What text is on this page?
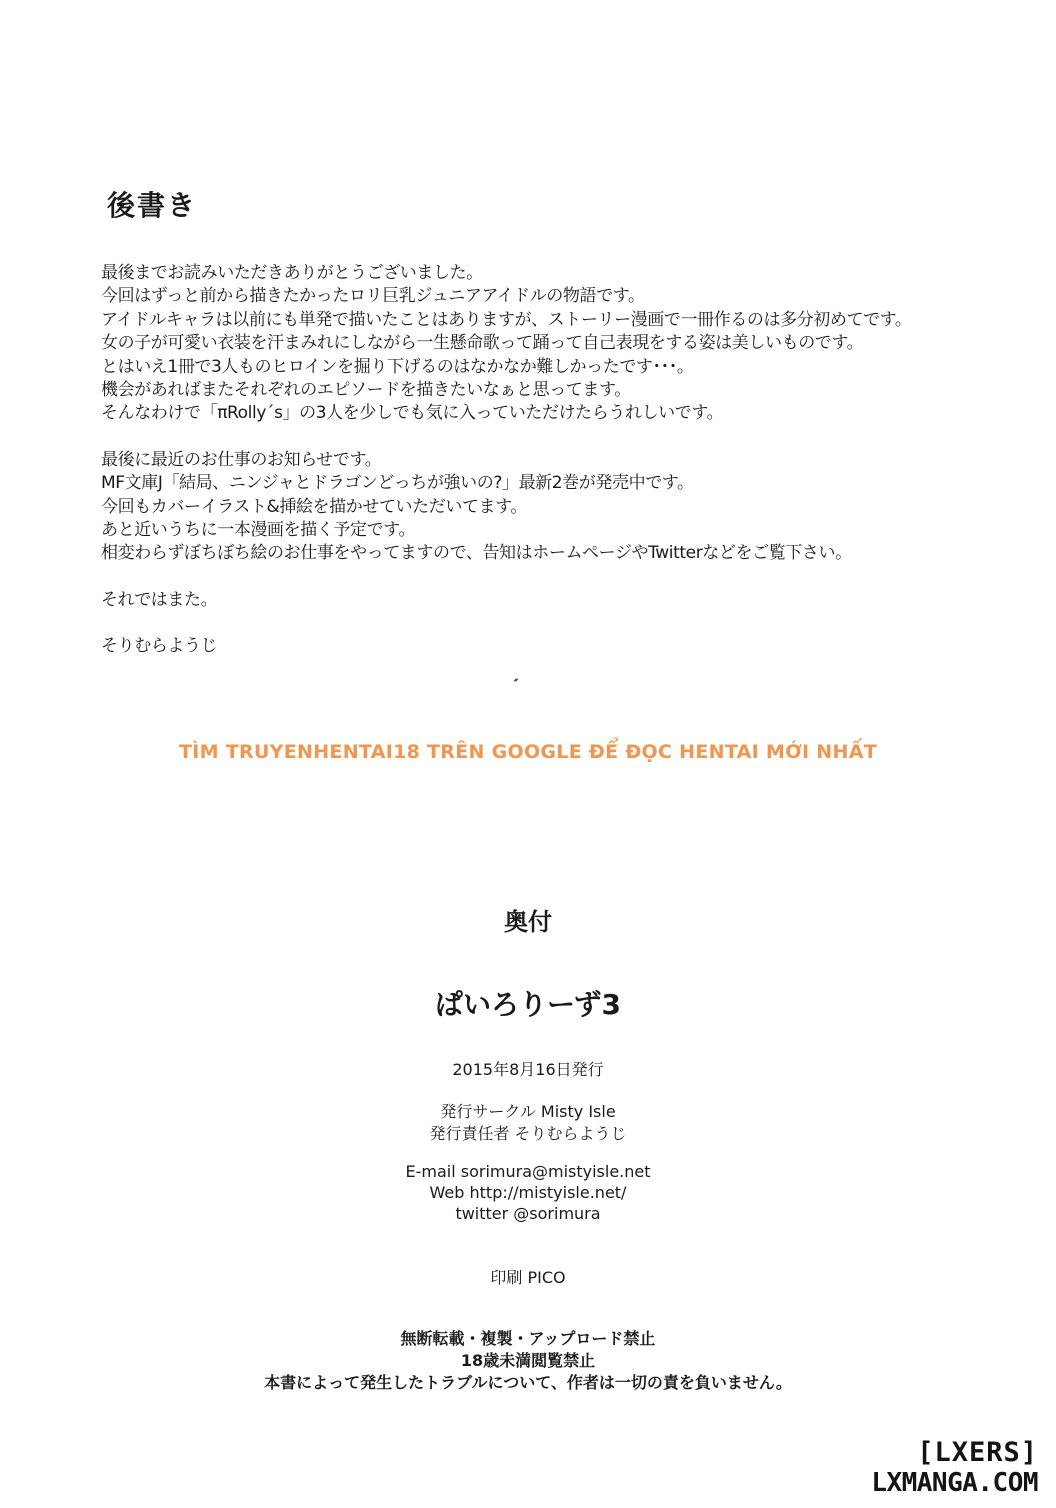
後書き
最後までお読みいただきありがとうございました。
今回はずっと前から描きたかったロリ巨乳ジュニアアイドルの物語です。
アイドルキャラは以前にも単発で描いたことはありますが、ストーリー漫画で一冊作るのは多分初めてです。
女の子が可愛い衣装を汗まみれにしながら一生懸命歌って踊って自己表現をする姿は美しいものです。
とはいえ1冊で3人ものヒロインを掘り下げるのはなかなか難しかったです･･･。
機会があればまたそれぞれのエピソードを描きたいなぁと思ってます。
そんなわけで「πRolly´s」の3人を少しでも気に入っていただけたらうれしいです。
最後に最近のお仕事のお知らせです。
MF文庫J「結局、ニンジャとドラゴンどっちが強いの?」最新2巻が発売中です。
今回もカバーイラスト&挿絵を描かせていただいてます。
あと近いうちに一本漫画を描く予定です。
相変わらずぼちぼち絵のお仕事をやってますので、告知はホームページやTwitterなどをご覧下さい。
それではまた。
そりむらようじ
TÌM TRUYENHENTAI18 TRÊN GOOGLE ĐỂ ĐỌC HENTAI MỚI NHẤT
奥付
ぱいろりーず3
2015年8月16日発行
発行サークル Misty Isle
発行責任者 そりむらようじ
E-mail sorimura@mistyisle.net
Web http://mistyisle.net/
twitter @sorimura
印刷 PICO
無断転載・複製・アップロード禁止
18歳未満閲覧禁止
本書によって発生したトラブルについて、作者は一切の責を負いません。
[LXERS]
LXMANGA.COM
